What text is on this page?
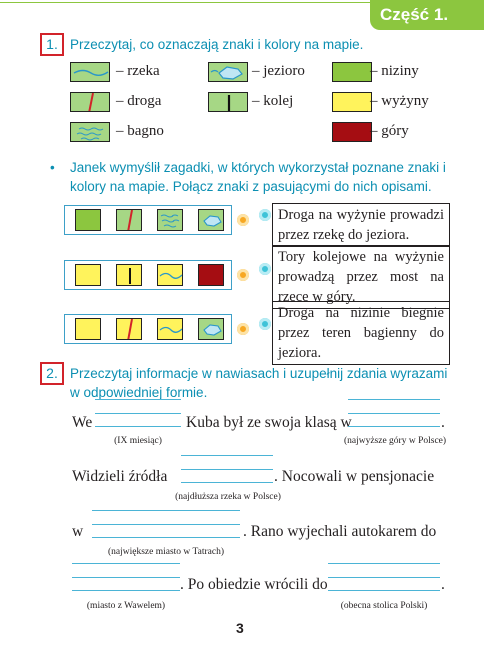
Część 1.
1. Przeczytaj, co oznaczają znaki i kolory na mapie.
– rzeka	– jezioro	– niziny
– droga	– kolej	– wyżyny
– bagno	– góry
• Janek wymyślił zagadki, w których wykorzystał poznane znaki i kolory na mapie. Połącz znaki z pasującymi do nich opisami.
Droga na wyżynie prowadzi przez rzekę do jeziora.
Tory kolejowe na wyżynie prowadzą przez most na rzece w góry.
Droga na nizinie biegnie przez teren bagienny do jeziora.
2. Przeczytaj informacje w nawiasach i uzupełnij zdania wyrazami w odpowiedniej formie.
We	Kuba był ze swoja klasą w	.
(IX miesiąc)	(najwyższe góry w Polsce)
Widzieli źródła	. Nocowali w pensjonacie
(najdłuższa rzeka w Polsce)
w	. Rano wyjechali autokarem do
(największe miasto w Tatrach)
. Po obiedzie wrócili do	.
(miasto z Wawelem)	(obecna stolica Polski)
3
